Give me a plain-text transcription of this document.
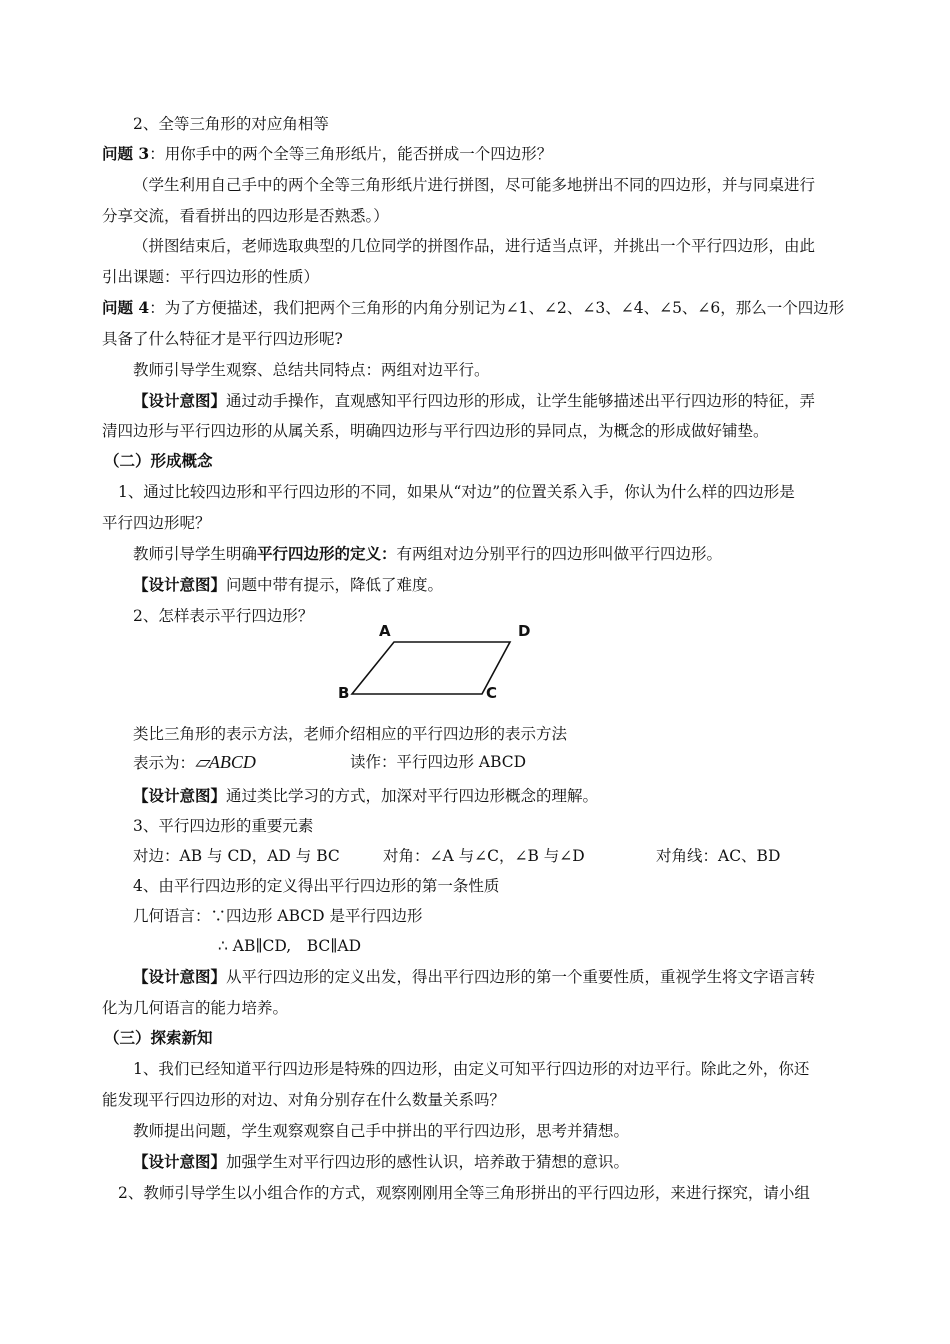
2、全等三角形的对应角相等
问题 3：用你手中的两个全等三角形纸片，能否拼成一个四边形？
（学生利用自己手中的两个全等三角形纸片进行拼图，尽可能多地拼出不同的四边形，并与同桌进行
分享交流，看看拼出的四边形是否熟悉。）
（拼图结束后，老师选取典型的几位同学的拼图作品，进行适当点评，并挑出一个平行四边形，由此
引出课题：平行四边形的性质）
问题 4：为了方便描述，我们把两个三角形的内角分别记为∠1、∠2、∠3、∠4、∠5、∠6，那么一个四边形
具备了什么特征才是平行四边形呢?
教师引导学生观察、总结共同特点：两组对边平行。
【设计意图】通过动手操作，直观感知平行四边形的形成，让学生能够描述出平行四边形的特征，弄
清四边形与平行四边形的从属关系，明确四边形与平行四边形的异同点，为概念的形成做好铺垫。
（二）形成概念
1、通过比较四边形和平行四边形的不同，如果从“对边”的位置关系入手，你认为什么样的四边形是
平行四边形呢？
教师引导学生明确平行四边形的定义：有两组对边分别平行的四边形叫做平行四边形。
【设计意图】问题中带有提示，降低了难度。
2、怎样表示平行四边形？
A	D
B	C
类比三角形的表示方法，老师介绍相应的平行四边形的表示方法
表示为：▱ABCD	读作：平行四边形 ABCD
【设计意图】通过类比学习的方式，加深对平行四边形概念的理解。
3、平行四边形的重要元素
对边：AB 与 CD，AD 与 BC	对角：∠A 与∠C，∠B 与∠D	对角线：AC、BD
4、由平行四边形的定义得出平行四边形的第一条性质
几何语言：∵四边形 ABCD 是平行四边形
∴ AB∥CD,　BC∥AD
【设计意图】从平行四边形的定义出发，得出平行四边形的第一个重要性质，重视学生将文字语言转
化为几何语言的能力培养。
（三）探索新知
1、我们已经知道平行四边形是特殊的四边形，由定义可知平行四边形的对边平行。除此之外，你还
能发现平行四边形的对边、对角分别存在什么数量关系吗？
教师提出问题，学生观察观察自己手中拼出的平行四边形，思考并猜想。
【设计意图】加强学生对平行四边形的感性认识，培养敢于猜想的意识。
2、教师引导学生以小组合作的方式，观察刚刚用全等三角形拼出的平行四边形，来进行探究，请小组
